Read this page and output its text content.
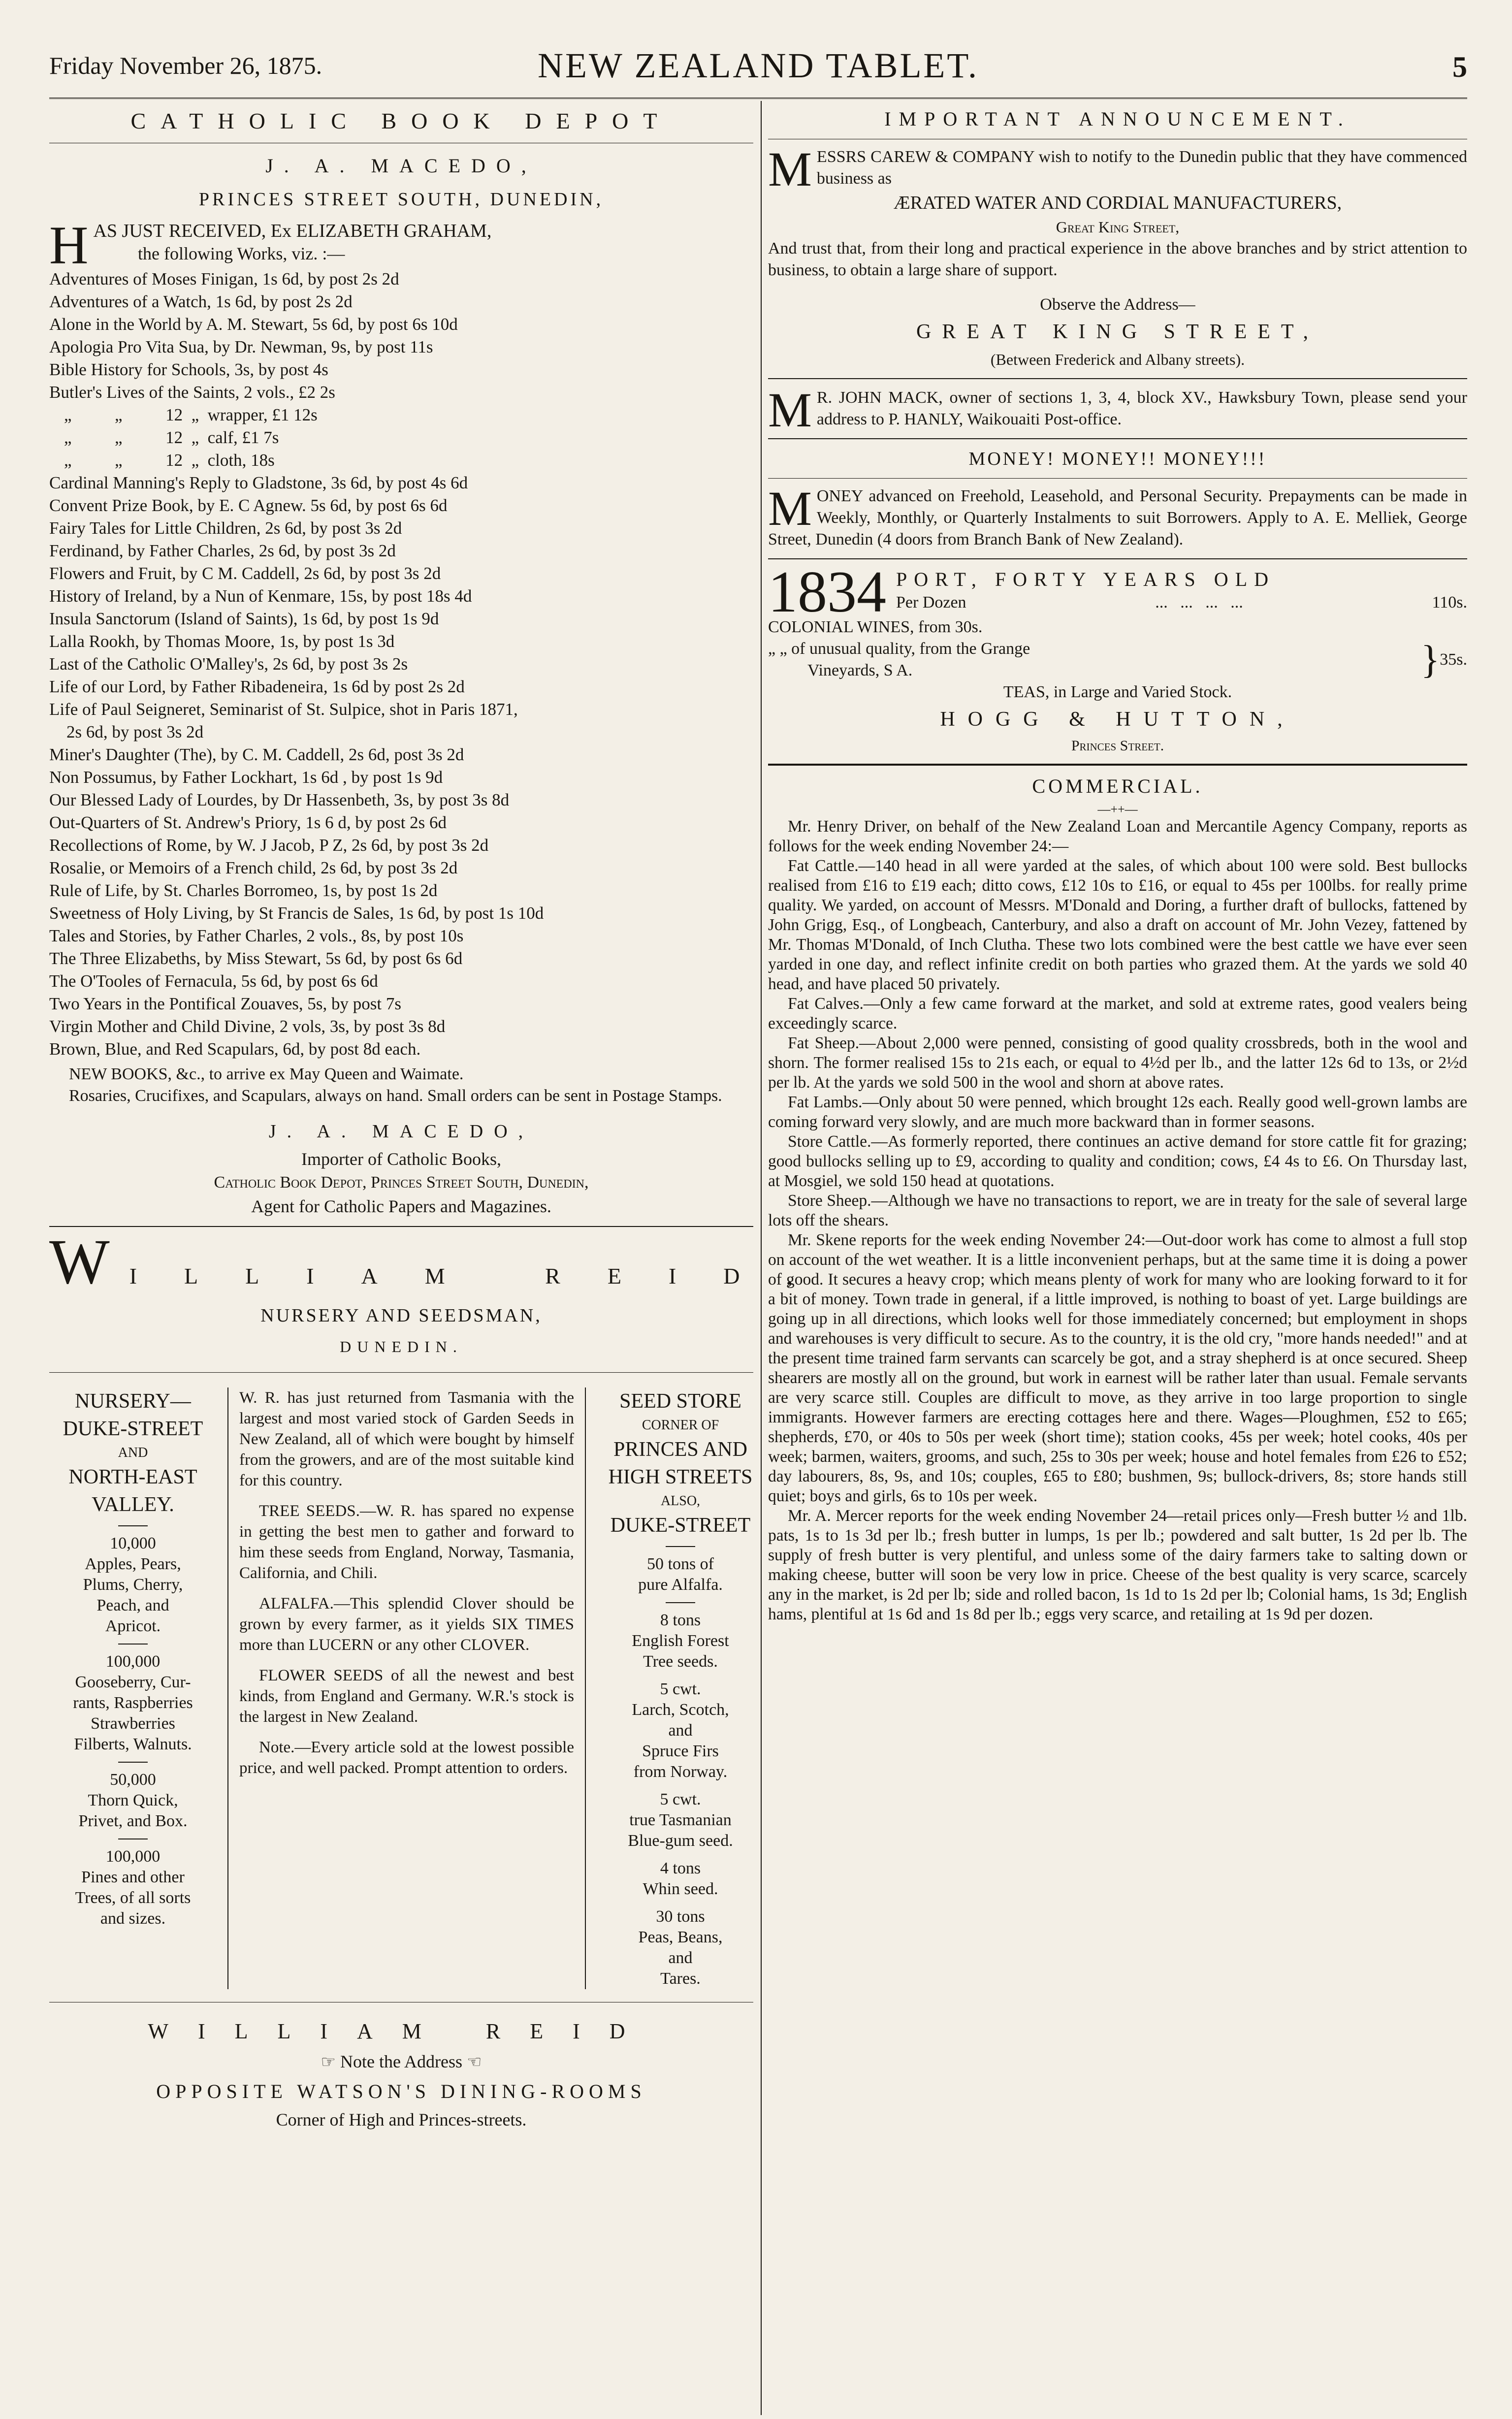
Friday November 26, 1875.	NEW ZEALAND TABLET.	5
CATHOLIC BOOK DEPOT
J. A. MACEDO,
PRINCES STREET SOUTH, DUNEDIN,
H AS JUST RECEIVED, Ex ELIZABETH GRAHAM,
the following Works, viz. :—
Adventures of Moses Finigan, 1s 6d, by post 2s 2d
Adventures of a Watch, 1s 6d, by post 2s 2d
Alone in the World by A. M. Stewart, 5s 6d, by post 6s 10d
Apologia Pro Vita Sua, by Dr. Newman, 9s, by post 11s
Bible History for Schools, 3s, by post 4s
Butler's Lives of the Saints, 2 vols., £2 2s
„          „          12  „  wrapper, £1 12s
„          „          12  „  calf, £1 7s
„          „          12  „  cloth, 18s
Cardinal Manning's Reply to Gladstone, 3s 6d, by post 4s 6d
Convent Prize Book, by E. C Agnew. 5s 6d, by post 6s 6d
Fairy Tales for Little Children, 2s 6d, by post 3s 2d
Ferdinand, by Father Charles, 2s 6d, by post 3s 2d
Flowers and Fruit, by C M. Caddell, 2s 6d, by post 3s 2d
History of Ireland, by a Nun of Kenmare, 15s, by post 18s 4d
Insula Sanctorum (Island of Saints), 1s 6d, by post 1s 9d
Lalla Rookh, by Thomas Moore, 1s, by post 1s 3d
Last of the Catholic O'Malley's, 2s 6d, by post 3s 2s
Life of our Lord, by Father Ribadeneira, 1s 6d by post 2s 2d
Life of Paul Seigneret, Seminarist of St. Sulpice, shot in Paris 1871,
2s 6d, by post 3s 2d
Miner's Daughter (The), by C. M. Caddell, 2s 6d, post 3s 2d
Non Possumus, by Father Lockhart, 1s 6d , by post 1s 9d
Our Blessed Lady of Lourdes, by Dr Hassenbeth, 3s, by post 3s 8d
Out-Quarters of St. Andrew's Priory, 1s 6 d, by post 2s 6d
Recollections of Rome, by W. J Jacob, P Z, 2s 6d, by post 3s 2d
Rosalie, or Memoirs of a French child, 2s 6d, by post 3s 2d
Rule of Life, by St. Charles Borromeo, 1s, by post 1s 2d
Sweetness of Holy Living, by St Francis de Sales, 1s 6d, by post 1s 10d
Tales and Stories, by Father Charles, 2 vols., 8s, by post 10s
The Three Elizabeths, by Miss Stewart, 5s 6d, by post 6s 6d
The O'Tooles of Fernacula, 5s 6d, by post 6s 6d
Two Years in the Pontifical Zouaves, 5s, by post 7s
Virgin Mother and Child Divine, 2 vols, 3s, by post 3s 8d
Brown, Blue, and Red Scapulars, 6d, by post 8d each.
NEW BOOKS, &c., to arrive ex May Queen and Waimate.
Rosaries, Crucifixes, and Scapulars, always on hand. Small orders can be sent in Postage Stamps.
J. A. MACEDO,
Importer of Catholic Books,
Catholic Book Depot, Princes Street South, Dunedin,
Agent for Catholic Papers and Magazines.
W ILLIAM REID,
NURSERY AND SEEDSMAN,
DUNEDIN.
NURSERY—
DUKE-STREET
AND
NORTH-EAST
VALLEY.
10,000
Apples, Pears,
Plums, Cherry,
Peach, and
Apricot.
100,000
Gooseberry, Cur-
rants, Raspberries
Strawberries
Filberts, Walnuts.
50,000
Thorn Quick,
Privet, and Box.
100,000
Pines and other
Trees, of all sorts
and sizes.
W. R. has just returned from Tasmania with the largest and most varied stock of Garden Seeds in New Zealand, all of which were bought by himself from the growers, and are of the most suitable kind for this country.
TREE SEEDS.—W. R. has spared no expense in getting the best men to gather and forward to him these seeds from England, Norway, Tasmania, California, and Chili.
ALFALFA.—This splendid Clover should be grown by every farmer, as it yields SIX TIMES more than LUCERN or any other CLOVER.
FLOWER SEEDS of all the newest and best kinds, from England and Germany. W.R.'s stock is the largest in New Zealand.
Note.—Every article sold at the lowest possible price, and well packed. Prompt attention to orders.
SEED STORE
CORNER OF
PRINCES AND
HIGH STREETS
ALSO,
DUKE-STREET
50 tons of
pure Alfalfa.
8 tons
English Forest
Tree seeds.
5 cwt.
Larch, Scotch,
and
Spruce Firs
from Norway.
5 cwt.
true Tasmanian
Blue-gum seed.
4 tons
Whin seed.
30 tons
Peas, Beans,
and
Tares.
WILLIAM REID
☞ Note the Address ☜
OPPOSITE WATSON'S DINING-ROOMS
Corner of High and Princes-streets.
IMPORTANT ANNOUNCEMENT.
M ESSRS CAREW & COMPANY wish to notify to the Dunedin public that they have commenced business as
ÆRATED WATER AND CORDIAL MANUFACTURERS,
Great King Street,
And trust that, from their long and practical experience in the above branches and by strict attention to business, to obtain a large share of support.
Observe the Address—
GREAT KING STREET,
(Between Frederick and Albany streets).
M R. JOHN MACK, owner of sections 1, 3, 4, block XV., Hawksbury Town, please send your address to P. HANLY, Waikouaiti Post-office.
MONEY! MONEY!! MONEY!!!
M ONEY advanced on Freehold, Leasehold, and Personal Security. Prepayments can be made in Weekly, Monthly, or Quarterly Instalments to suit Borrowers. Apply to A. E. Melliek, George Street, Dunedin (4 doors from Branch Bank of New Zealand).
1834 PORT, FORTY YEARS OLD
Per Dozen	...   ...   ...   ...	110s.
COLONIAL WINES, from 30s.
„ „ of unusual quality, from the Grange
Vineyards, S A.	} 35s.
TEAS, in Large and Varied Stock.
HOGG & HUTTON,
Princes Street.
COMMERCIAL.
—++—
Mr. Henry Driver, on behalf of the New Zealand Loan and Mercantile Agency Company, reports as follows for the week ending November 24:—
Fat Cattle.—140 head in all were yarded at the sales, of which about 100 were sold. Best bullocks realised from £16 to £19 each; ditto cows, £12 10s to £16, or equal to 45s per 100lbs. for really prime quality. We yarded, on account of Messrs. M'Donald and Doring, a further draft of bullocks, fattened by John Grigg, Esq., of Longbeach, Canterbury, and also a draft on account of Mr. John Vezey, fattened by Mr. Thomas M'Donald, of Inch Clutha. These two lots combined were the best cattle we have ever seen yarded in one day, and reflect infinite credit on both parties who grazed them. At the yards we sold 40 head, and have placed 50 privately.
Fat Calves.—Only a few came forward at the market, and sold at extreme rates, good vealers being exceedingly scarce.
Fat Sheep.—About 2,000 were penned, consisting of good quality crossbreds, both in the wool and shorn. The former realised 15s to 21s each, or equal to 4½d per lb., and the latter 12s 6d to 13s, or 2½d per lb. At the yards we sold 500 in the wool and shorn at above rates.
Fat Lambs.—Only about 50 were penned, which brought 12s each. Really good well-grown lambs are coming forward very slowly, and are much more backward than in former seasons.
Store Cattle.—As formerly reported, there continues an active demand for store cattle fit for grazing; good bullocks selling up to £9, according to quality and condition; cows, £4 4s to £6. On Thursday last, at Mosgiel, we sold 150 head at quotations.
Store Sheep.—Although we have no transactions to report, we are in treaty for the sale of several large lots off the shears.
Mr. Skene reports for the week ending November 24:—Out-door work has come to almost a full stop on account of the wet weather. It is a little inconvenient perhaps, but at the same time it is doing a power of good. It secures a heavy crop; which means plenty of work for many who are looking forward to it for a bit of money. Town trade in general, if a little improved, is nothing to boast of yet. Large buildings are going up in all directions, which looks well for those immediately concerned; but employment in shops and warehouses is very difficult to secure. As to the country, it is the old cry, "more hands needed!" and at the present time trained farm servants can scarcely be got, and a stray shepherd is at once secured. Sheep shearers are mostly all on the ground, but work in earnest will be rather later than usual. Female servants are very scarce still. Couples are difficult to move, as they arrive in too large proportion to single immigrants. However farmers are erecting cottages here and there. Wages—Ploughmen, £52 to £65; shepherds, £70, or 40s to 50s per week (short time); station cooks, 45s per week; hotel cooks, 40s per week; barmen, waiters, grooms, and such, 25s to 30s per week; house and hotel females from £26 to £52; day labourers, 8s, 9s, and 10s; couples, £65 to £80; bushmen, 9s; bullock-drivers, 8s; store hands still quiet; boys and girls, 6s to 10s per week.
Mr. A. Mercer reports for the week ending November 24—retail prices only—Fresh butter ½ and 1lb. pats, 1s to 1s 3d per lb.; fresh butter in lumps, 1s per lb.; powdered and salt butter, 1s 2d per lb. The supply of fresh butter is very plentiful, and unless some of the dairy farmers take to salting down or making cheese, butter will soon be very low in price. Cheese of the best quality is very scarce, scarcely any in the market, is 2d per lb; side and rolled bacon, 1s 1d to 1s 2d per lb; Colonial hams, 1s 3d; English hams, plentiful at 1s 6d and 1s 8d per lb.; eggs very scarce, and retailing at 1s 9d per dozen.
